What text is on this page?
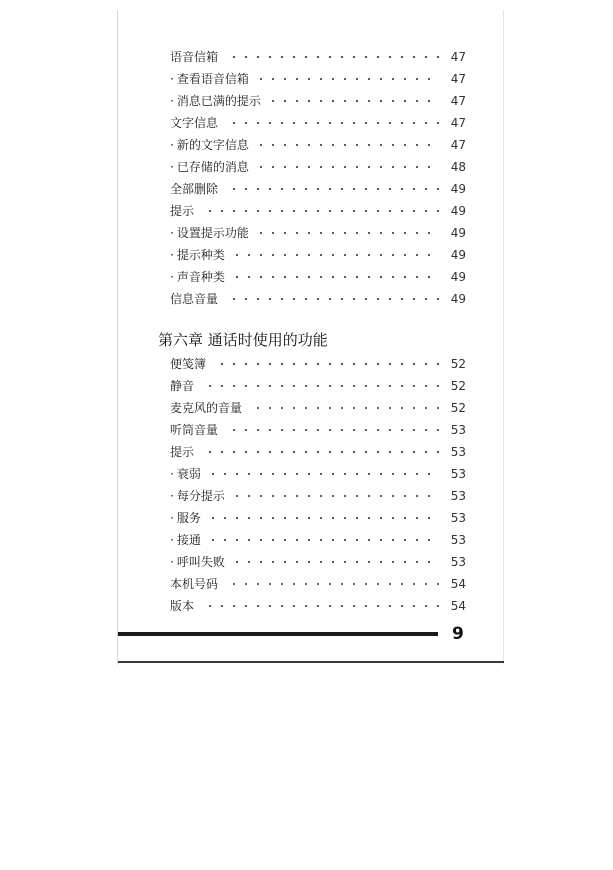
语音信箱	47
· 查看语音信箱	47
· 消息已满的提示	47
文字信息	47
· 新的文字信息	47
· 已存储的消息	48
全部删除	49
提示	49
· 设置提示功能	49
· 提示种类	49
· 声音种类	49
信息音量	49
第六章 通话时使用的功能
便笺簿	52
静音	52
麦克风的音量	52
听筒音量	53
提示	53
· 衰弱	53
· 每分提示	53
· 服务	53
· 接通	53
· 呼叫失败	53
本机号码	54
版本	54
9
